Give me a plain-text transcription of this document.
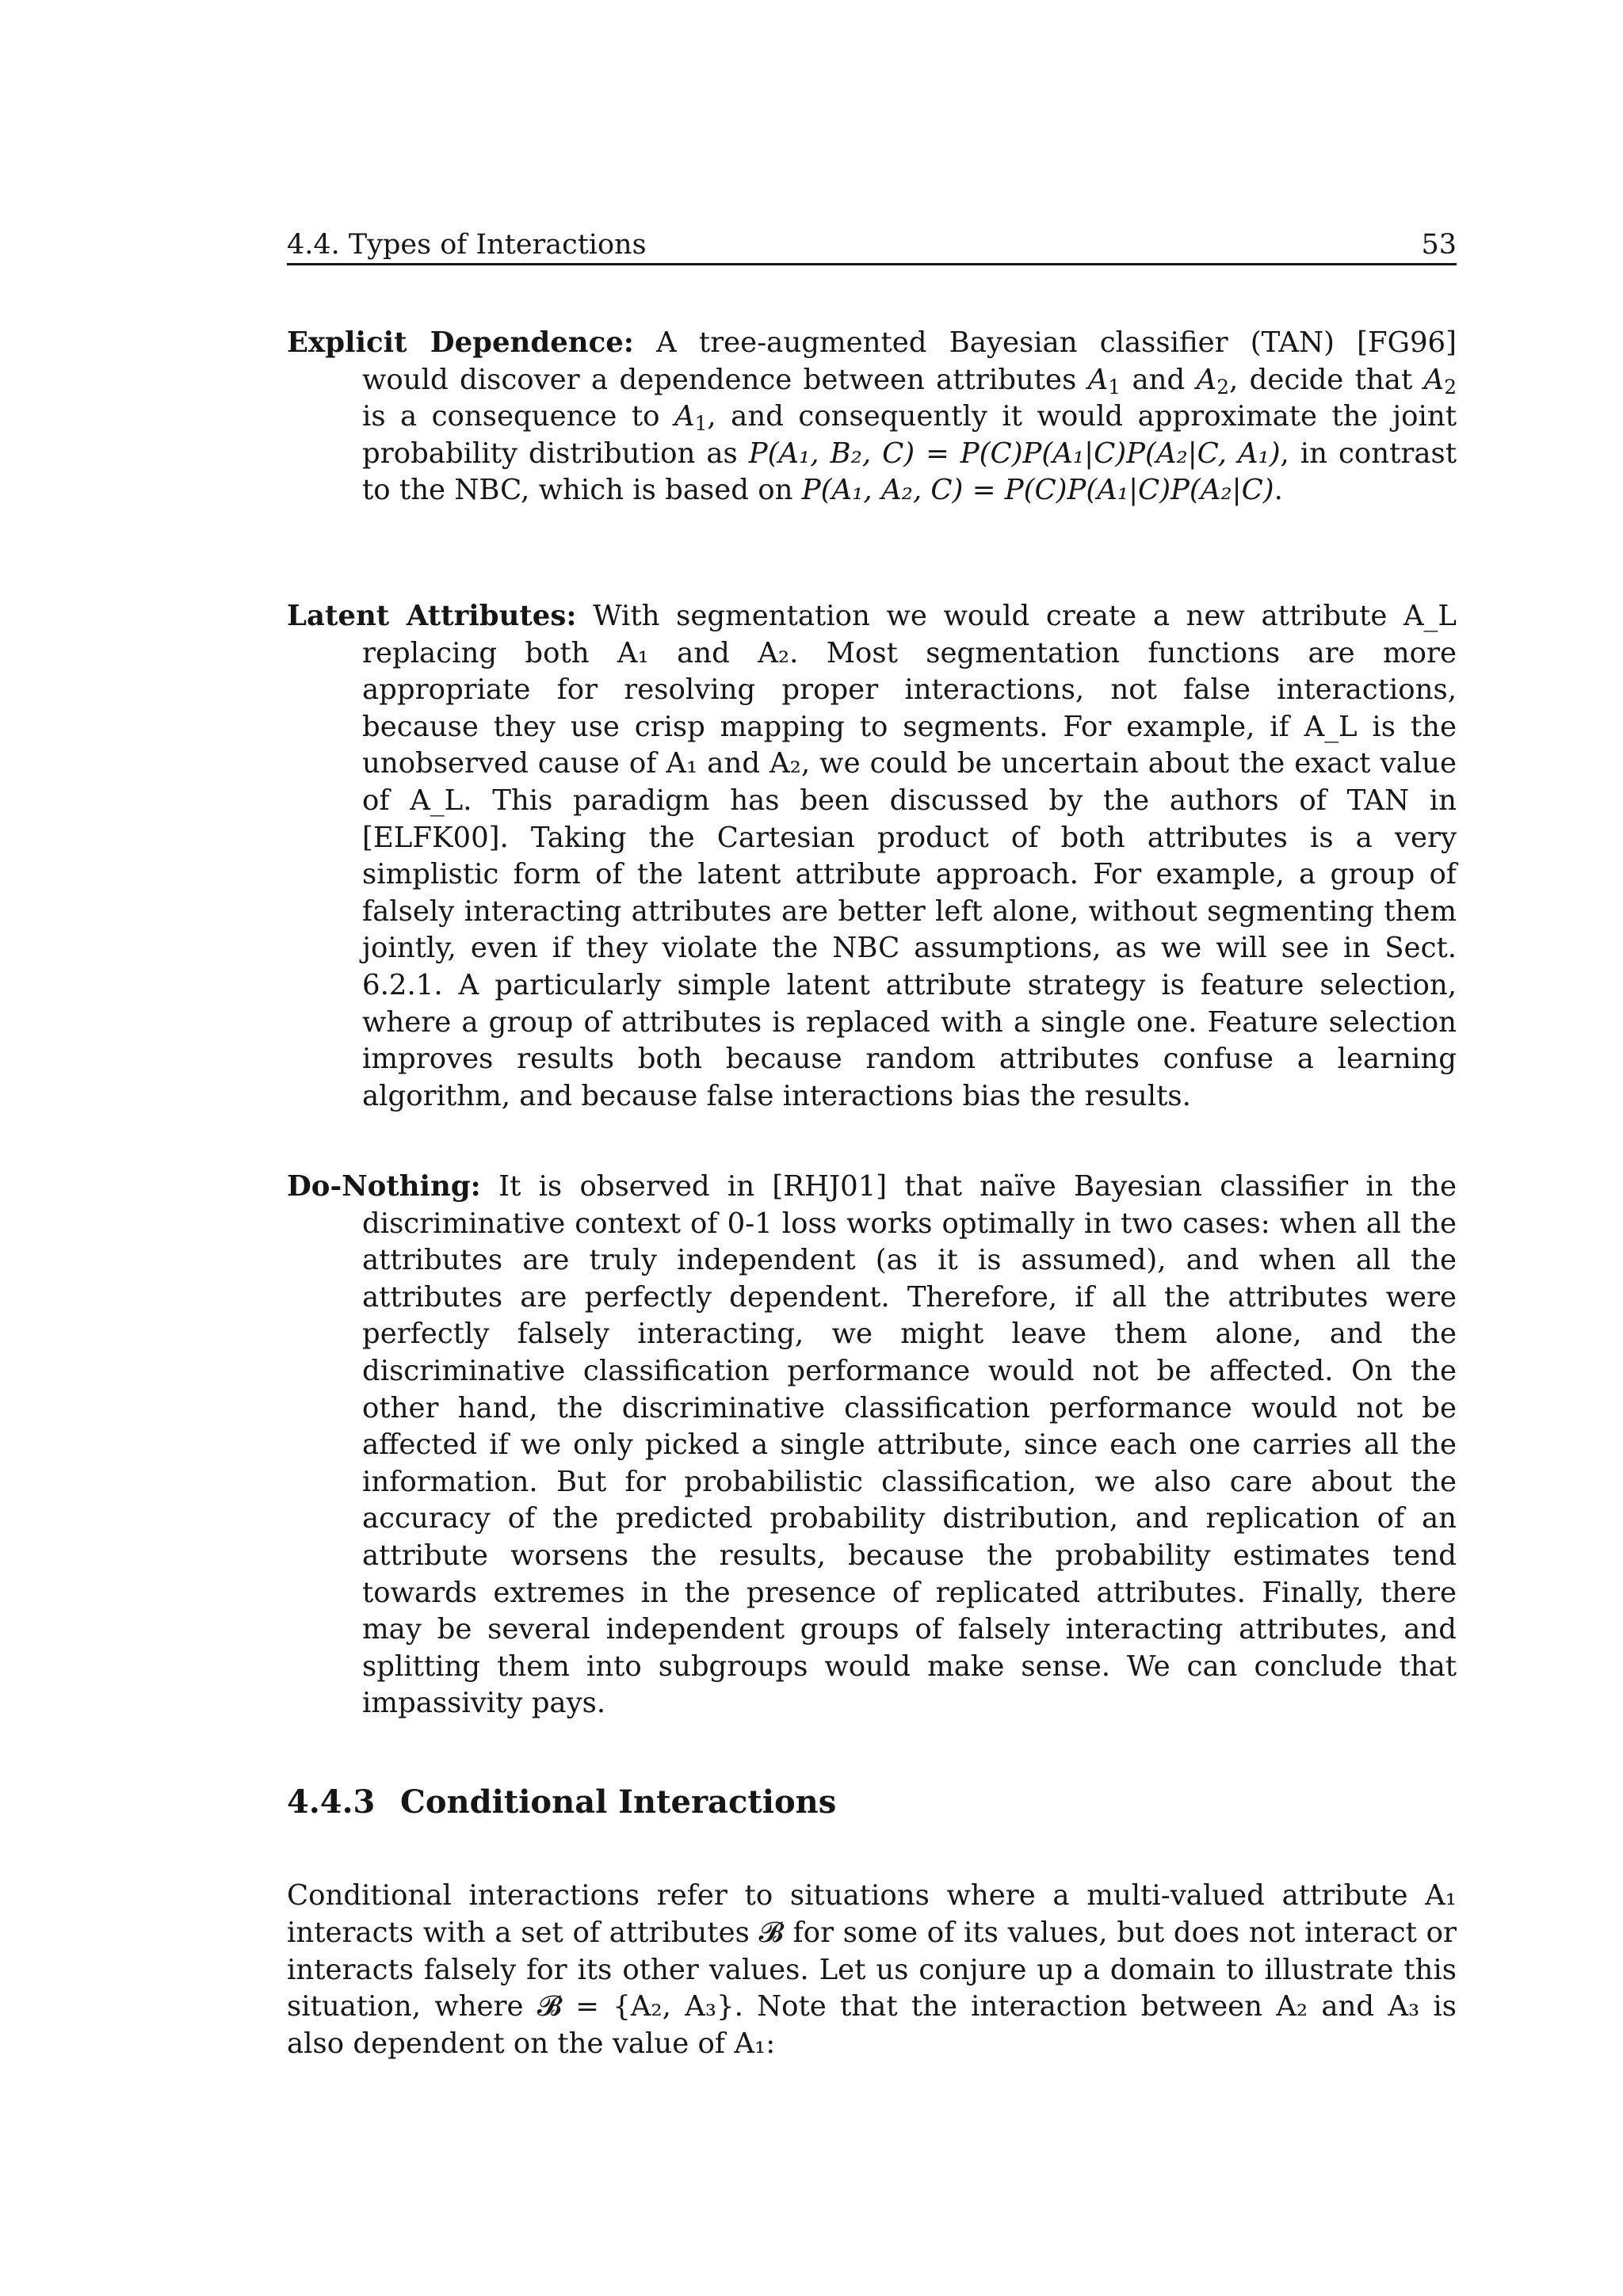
4.4. Types of Interactions	53

Explicit Dependence: A tree-augmented Bayesian classifier (TAN) [FG96] would discover a dependence between attributes $A_1$ and $A_2$, decide that $A_2$ is a consequence to $A_1$, and consequently it would approximate the joint probability distribution as P(A₁, B₂, C) = P(C)P(A₁|C)P(A₂|C, A₁), in contrast to the NBC, which is based on P(A₁, A₂, C) = P(C)P(A₁|C)P(A₂|C).

Latent Attributes: With segmentation we would create a new attribute A_L replacing both A₁ and A₂. Most segmentation functions are more appropriate for resolving proper interactions, not false interactions, because they use crisp mapping to segments. For example, if A_L is the unobserved cause of A₁ and A₂, we could be uncertain about the exact value of A_L. This paradigm has been discussed by the authors of TAN in [ELFK00]. Taking the Cartesian product of both attributes is a very simplistic form of the latent attribute approach. For example, a group of falsely interacting attributes are better left alone, without segmenting them jointly, even if they violate the NBC assumptions, as we will see in Sect. 6.2.1. A particularly simple latent attribute strategy is feature selection, where a group of attributes is replaced with a single one. Feature selection improves results both because random attributes confuse a learning algorithm, and because false interactions bias the results.

Do-Nothing: It is observed in [RHJ01] that naïve Bayesian classifier in the discriminative context of 0-1 loss works optimally in two cases: when all the attributes are truly independent (as it is assumed), and when all the attributes are perfectly dependent. Therefore, if all the attributes were perfectly falsely interacting, we might leave them alone, and the discriminative classification performance would not be affected. On the other hand, the discriminative classification performance would not be affected if we only picked a single attribute, since each one carries all the information. But for probabilistic classification, we also care about the accuracy of the predicted probability distribution, and replication of an attribute worsens the results, because the probability estimates tend towards extremes in the presence of replicated attributes. Finally, there may be several independent groups of falsely interacting attributes, and splitting them into subgroups would make sense. We can conclude that impassivity pays.

4.4.3 Conditional Interactions

Conditional interactions refer to situations where a multi-valued attribute A₁ interacts with a set of attributes 𝓑 for some of its values, but does not interact or interacts falsely for its other values. Let us conjure up a domain to illustrate this situation, where 𝓑 = {A₂, A₃}. Note that the interaction between A₂ and A₃ is also dependent on the value of A₁:
